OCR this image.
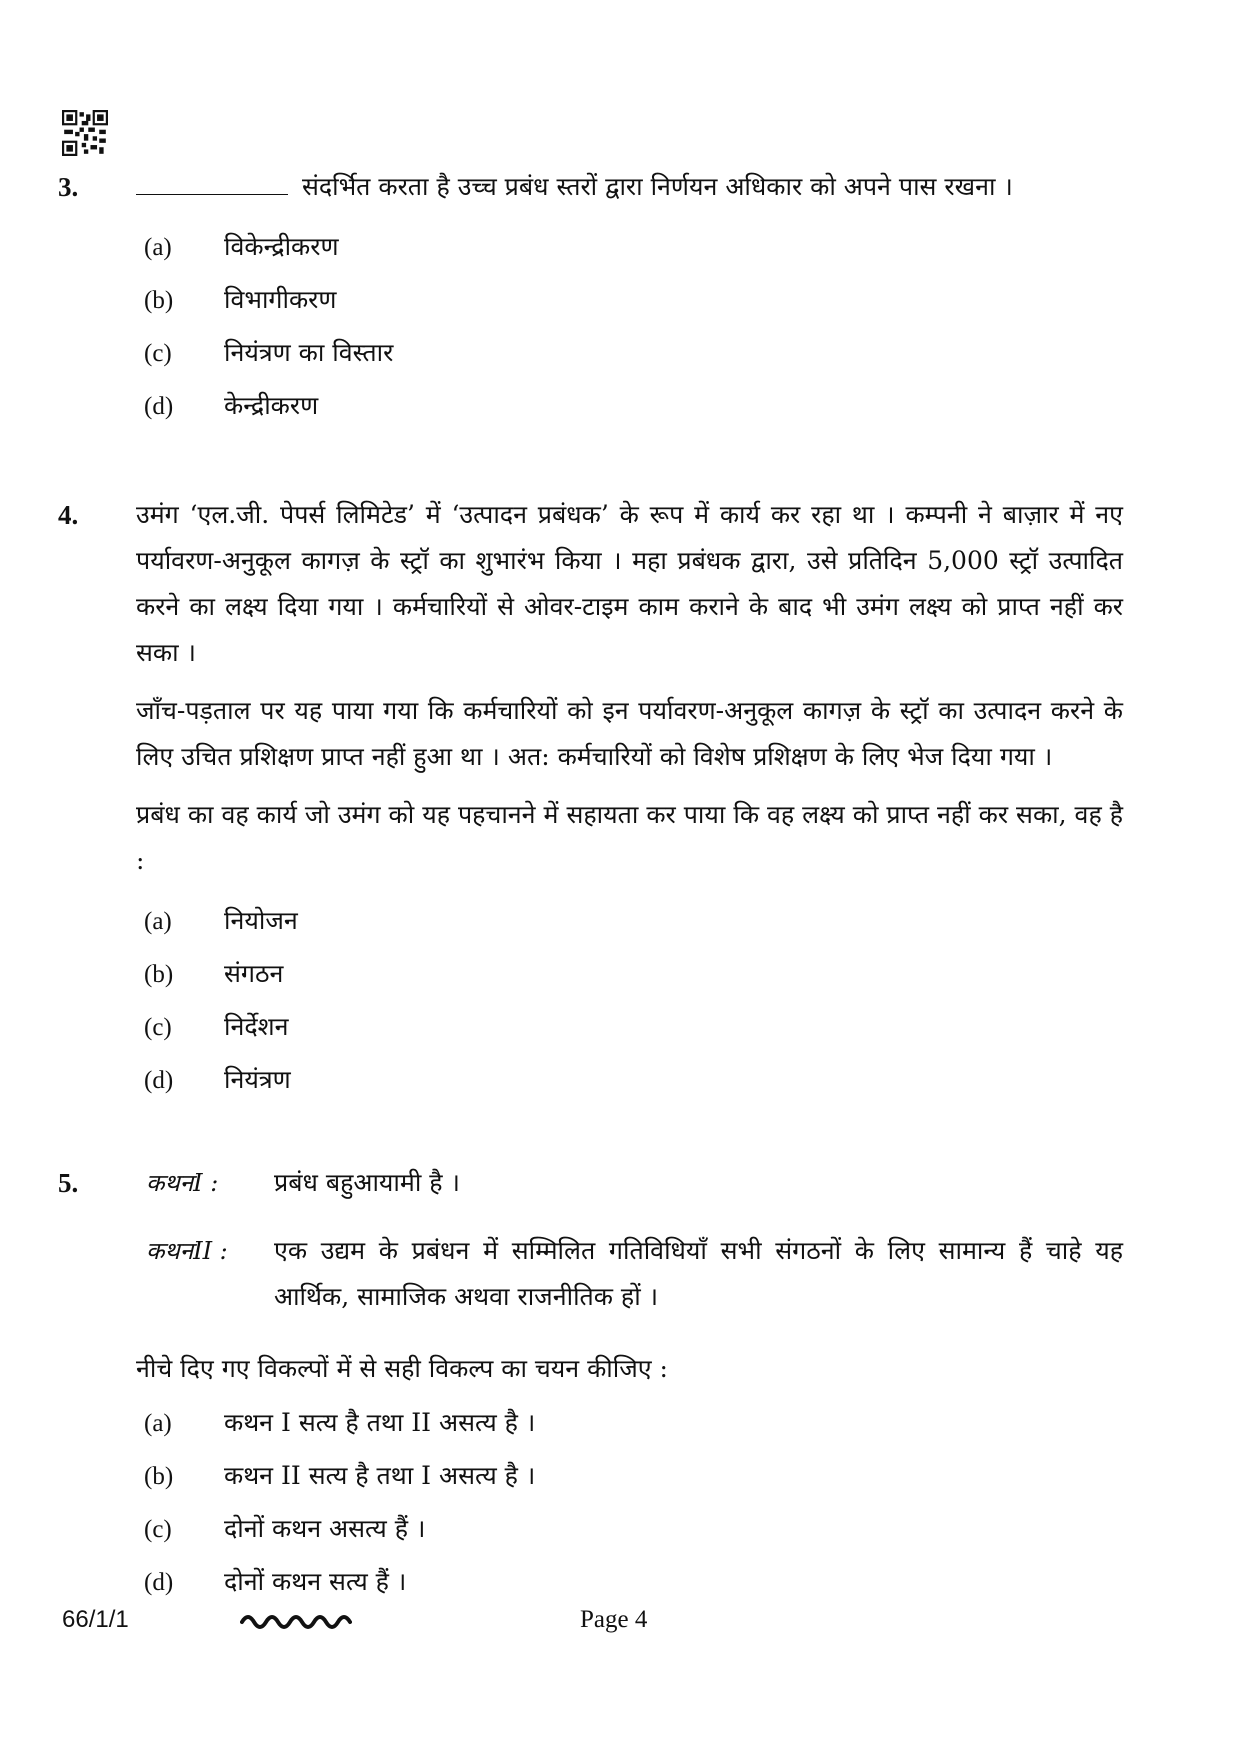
3.	संदर्भित करता है उच्च प्रबंध स्तरों द्वारा निर्णयन अधिकार को अपने पास रखना ।

(a)	विकेन्द्रीकरण
(b)	विभागीकरण
(c)	नियंत्रण का विस्तार
(d)	केन्द्रीकरण
4. उमंग ‘एल.जी. पेपर्स लिमिटेड’ में ‘उत्पादन प्रबंधक’ के रूप में कार्य कर रहा था । कम्पनी ने बाज़ार में नए पर्यावरण-अनुकूल कागज़ के स्ट्रॉ का शुभारंभ किया । महा प्रबंधक द्वारा, उसे प्रतिदिन 5,000 स्ट्रॉ उत्पादित करने का लक्ष्य दिया गया । कर्मचारियों से ओवर-टाइम काम कराने के बाद भी उमंग लक्ष्य को प्राप्त नहीं कर सका ।

जाँच-पड़ताल पर यह पाया गया कि कर्मचारियों को इन पर्यावरण-अनुकूल कागज़ के स्ट्रॉ का उत्पादन करने के लिए उचित प्रशिक्षण प्राप्त नहीं हुआ था । अत: कर्मचारियों को विशेष प्रशिक्षण के लिए भेज दिया गया ।

प्रबंध का वह कार्य जो उमंग को यह पहचानने में सहायता कर पाया कि वह लक्ष्य को प्राप्त नहीं कर सका, वह है :

(a)	नियोजन
(b)	संगठन
(c)	निर्देशन
(d)	नियंत्रण
5.	कथनI :	प्रबंध बहुआयामी है ।
कथनII :	एक उद्यम के प्रबंधन में सम्मिलित गतिविधियाँ सभी संगठनों के लिए सामान्य हैं चाहे यह आर्थिक, सामाजिक अथवा राजनीतिक हों ।

नीचे दिए गए विकल्पों में से सही विकल्प का चयन कीजिए :

(a)	कथन I सत्य है तथा II असत्य है ।
(b)	कथन II सत्य है तथा I असत्य है ।
(c)	दोनों कथन असत्य हैं ।
(d)	दोनों कथन सत्य हैं ।
66/1/1	Page 4
